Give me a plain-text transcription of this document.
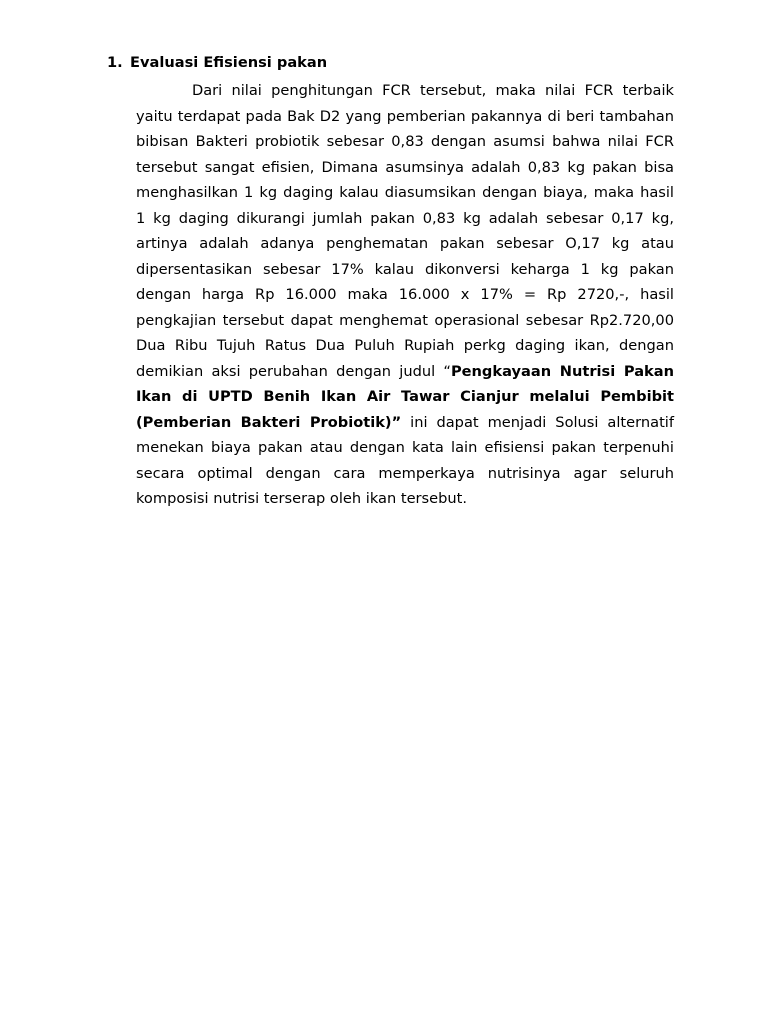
1. Evaluasi Efisiensi pakan

Dari nilai penghitungan FCR tersebut, maka nilai FCR terbaik yaitu terdapat pada Bak D2 yang pemberian pakannya di beri tambahan bibisan Bakteri probiotik sebesar 0,83 dengan asumsi bahwa nilai FCR tersebut sangat efisien, Dimana asumsinya adalah 0,83 kg pakan bisa menghasilkan 1 kg daging kalau diasumsikan dengan biaya, maka hasil 1 kg daging dikurangi jumlah pakan 0,83 kg adalah sebesar 0,17 kg, artinya adalah adanya penghematan pakan sebesar O,17 kg atau dipersentasikan sebesar 17% kalau dikonversi keharga 1 kg pakan dengan harga Rp 16.000 maka 16.000 x 17% = Rp 2720,-, hasil pengkajian tersebut dapat menghemat operasional sebesar Rp2.720,00 Dua Ribu Tujuh Ratus Dua Puluh Rupiah perkg daging ikan, dengan demikian aksi perubahan dengan judul “Pengkayaan Nutrisi Pakan Ikan di UPTD Benih Ikan Air Tawar Cianjur melalui Pembibit (Pemberian Bakteri Probiotik)” ini dapat menjadi Solusi alternatif menekan biaya pakan atau dengan kata lain efisiensi pakan terpenuhi secara optimal dengan cara memperkaya nutrisinya agar seluruh komposisi nutrisi terserap oleh ikan tersebut.
